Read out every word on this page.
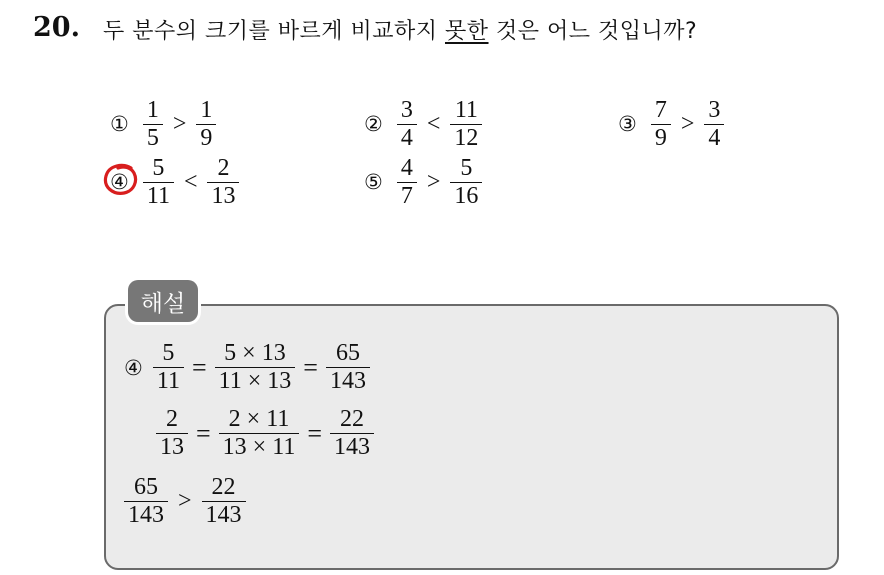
20. 두 분수의 크기를 바르게 비교하지 못한 것은 어느 것입니까?
① $\frac{1}{5} > \frac{1}{9}$	② $\frac{3}{4} < \frac{11}{12}$	③ $\frac{7}{9} > \frac{3}{4}$
④ $\frac{5}{11} < \frac{2}{13}$	⑤ $\frac{4}{7} > \frac{5}{16}$
해설
④ $\frac{5}{11} = \frac{5 \times 13}{11 \times 13} = \frac{65}{143}$
$\frac{2}{13} = \frac{2 \times 11}{13 \times 11} = \frac{22}{143}$
$\frac{65}{143} > \frac{22}{143}$
